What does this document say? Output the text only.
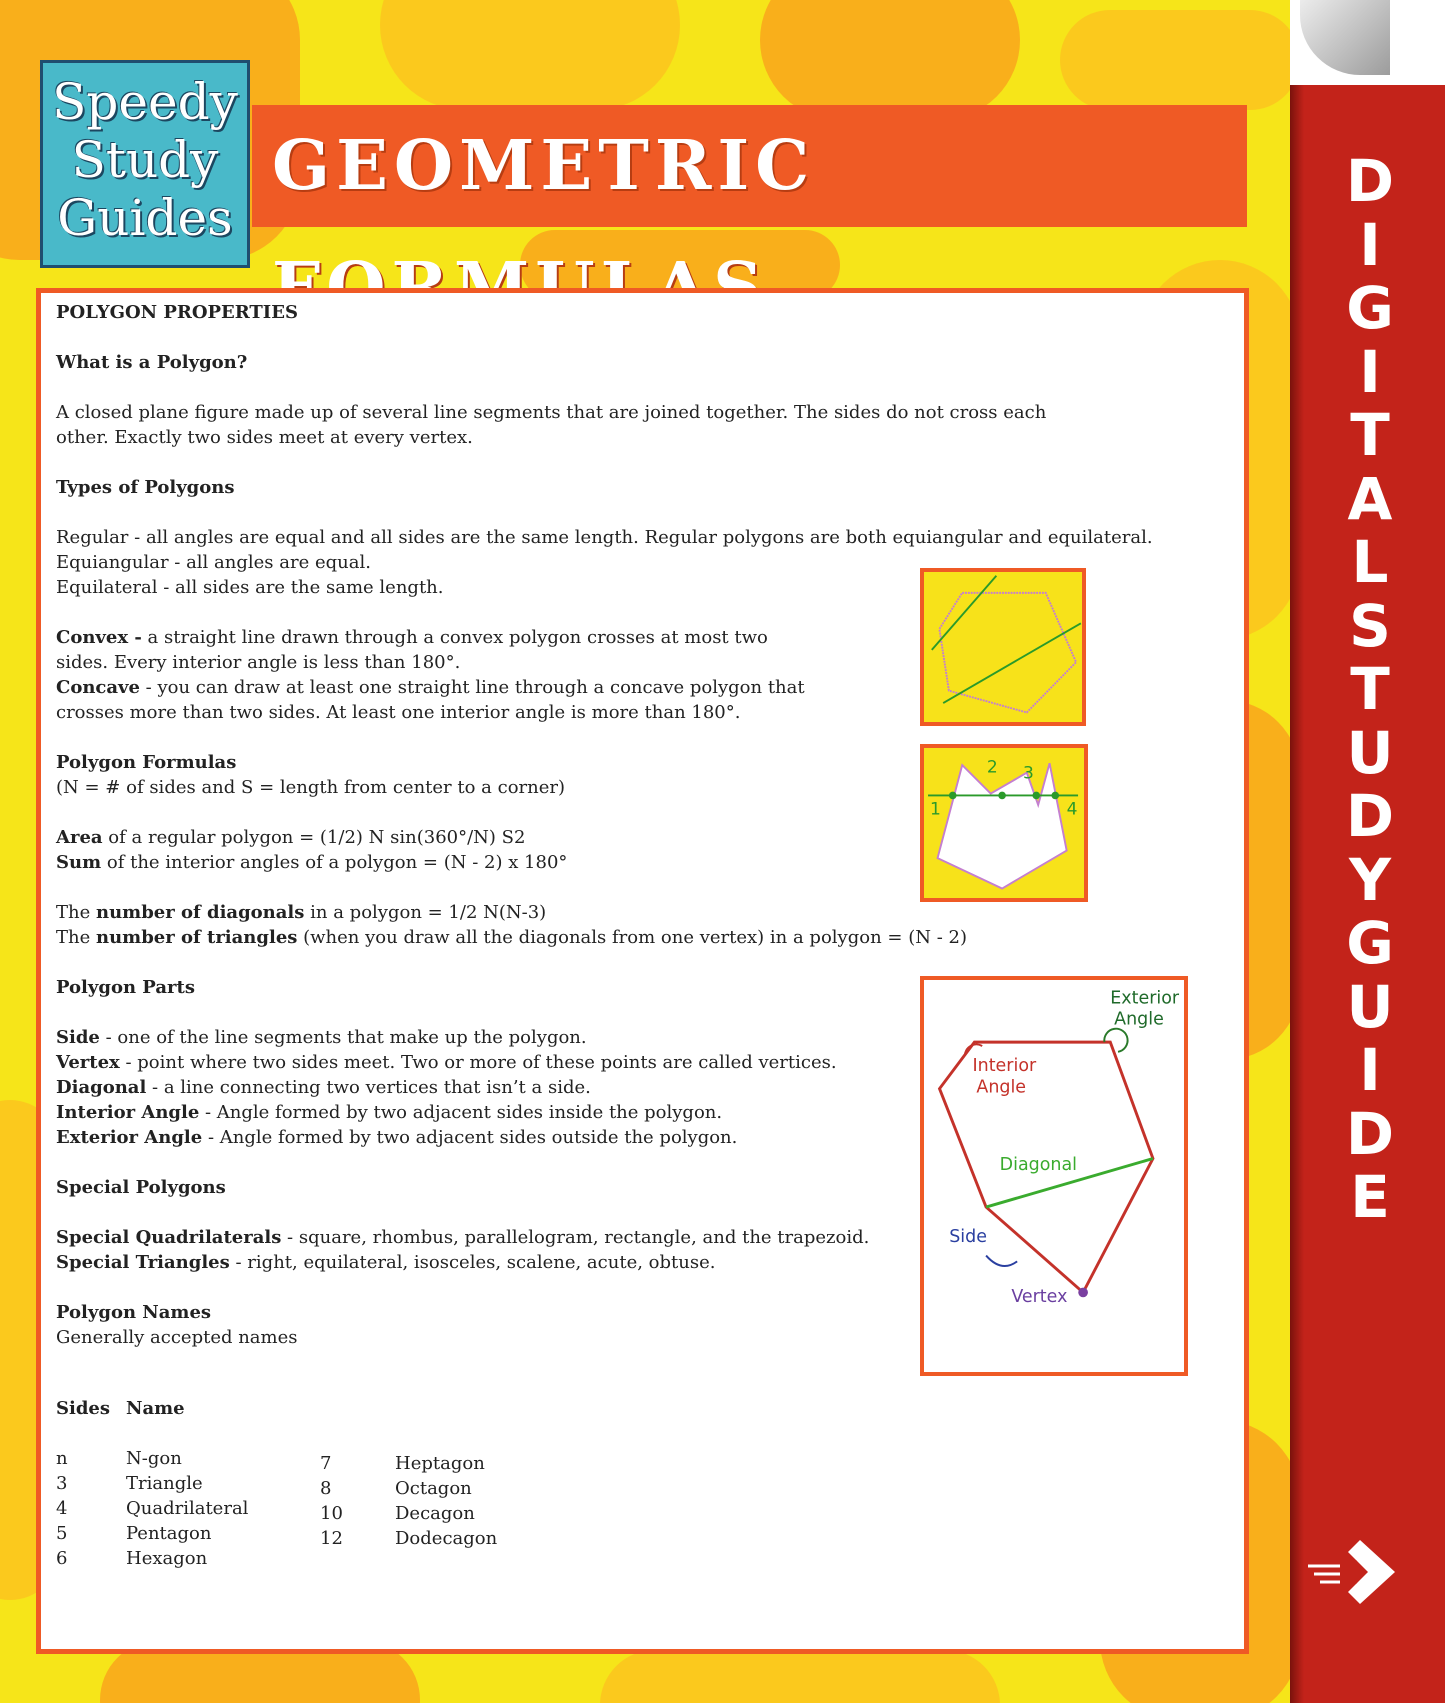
Speedy
Study
Guides
GEOMETRIC	D
I
G
I
T
A
L
S
T
U
D
Y
G
U
I
D
E

POLYGON PROPERTIES

What is a Polygon?

A closed plane figure made up of several line segments that are joined together. The sides do not cross each other. Exactly two sides meet at every vertex.

Types of Polygons

Regular - all angles are equal and all sides are the same length. Regular polygons are both equiangular and equilateral.

Equiangular - all angles are equal.

Equilateral - all sides are the same length.

Convex - a straight line drawn through a convex polygon crosses at most two sides. Every interior angle is less than 180°.

Concave - you can draw at least one straight line through a concave polygon that crosses more than two sides. At least one interior angle is more than 180°.

Polygon Formulas

(N = # of sides and S = length from center to a corner)

Area of a regular polygon = (1/2) N sin(360°/N) S2

Sum of the interior angles of a polygon = (N - 2) x 180°

The number of diagonals in a polygon = 1/2 N(N-3)

The number of triangles (when you draw all the diagonals from one vertex) in a polygon = (N - 2)

Polygon Parts

Side - one of the line segments that make up the polygon.

Vertex - point where two sides meet. Two or more of these points are called vertices.

Diagonal - a line connecting two vertices that isn’t a side.

Interior Angle - Angle formed by two adjacent sides inside the polygon.

Exterior Angle - Angle formed by two adjacent sides outside the polygon.

Special Polygons

Special Quadrilaterals - square, rhombus, parallelogram, rectangle, and the trapezoid.

Special Triangles - right, equilateral, isosceles, scalene, acute, obtuse.

Polygon Names

Generally accepted names

Sides Name
n	N-gon
3	Triangle
4	Quadrilateral
5	Pentagon
6	Hexagon
7	Heptagon
8	Octagon
10	Decagon
12	Dodecagon
1
2 3
4
Exterior
Angle
Interior
Angle
Diagonal
Side
Vertex
